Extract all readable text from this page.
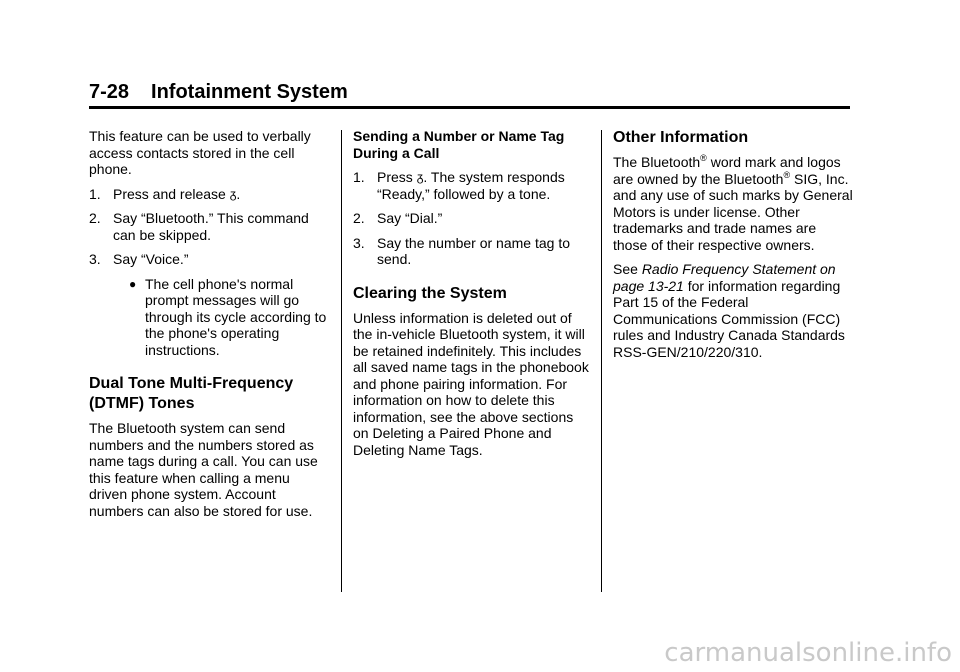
7-28 Infotainment System

This feature can be used to verbally access contacts stored in the cell phone.

1. Press and release ᵹ.
2. Say “Bluetooth.” This command can be skipped.
3. Say “Voice.”
● The cell phone's normal prompt messages will go through its cycle according to the phone's operating instructions.
Dual Tone Multi-Frequency (DTMF) Tones

The Bluetooth system can send numbers and the numbers stored as name tags during a call. You can use this feature when calling a menu driven phone system. Account numbers can also be stored for use.

Sending a Number or Name Tag During a Call

1. Press ᵹ. The system responds “Ready,” followed by a tone.
2. Say “Dial.”
3. Say the number or name tag to send.
Clearing the System

Unless information is deleted out of the in-vehicle Bluetooth system, it will be retained indefinitely. This includes all saved name tags in the phonebook and phone pairing information. For information on how to delete this information, see the above sections on Deleting a Paired Phone and Deleting Name Tags.

Other Information

The Bluetooth® word mark and logos are owned by the Bluetooth® SIG, Inc. and any use of such marks by General Motors is under license. Other trademarks and trade names are those of their respective owners.

See Radio Frequency Statement on page 13-21 for information regarding Part 15 of the Federal Communications Commission (FCC) rules and Industry Canada Standards RSS-GEN/210/220/310.

carmanualsonline.info
